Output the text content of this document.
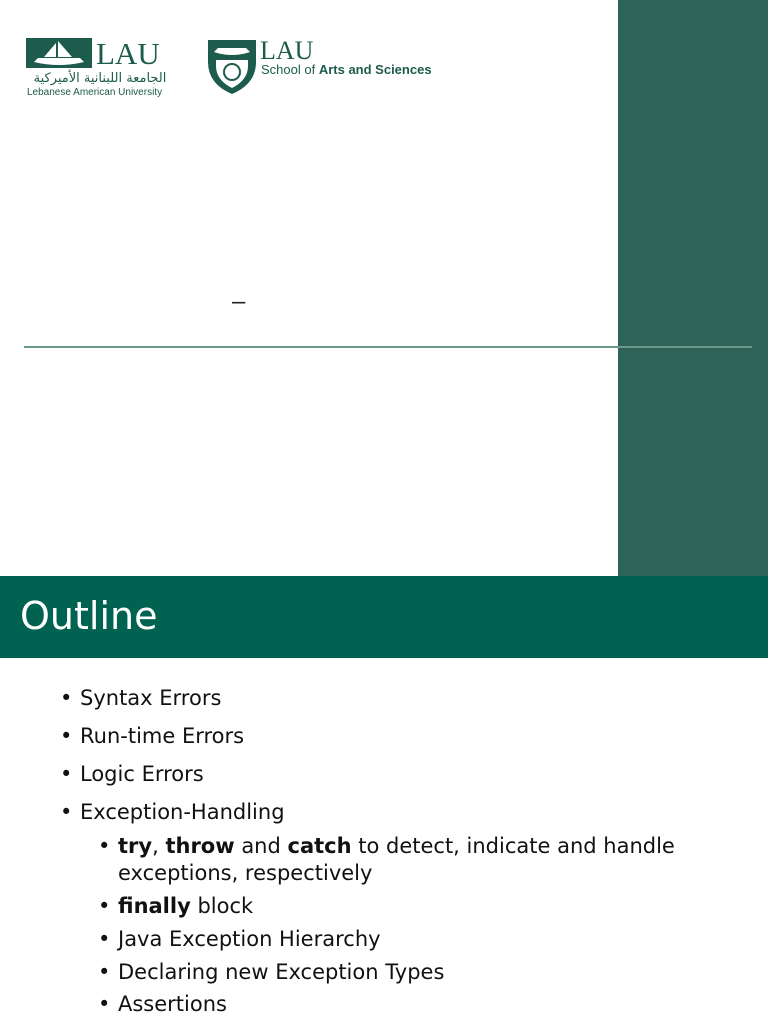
LAU
الجامعة اللبنانية الأميركية
Lebanese American University
LAU
School of Arts and Sciences
–
Outline
• Syntax Errors
• Run-time Errors
• Logic Errors
• Exception-Handling
• try, throw and catch to detect, indicate and handle
exceptions, respectively
• finally block
• Java Exception Hierarchy
• Declaring new Exception Types
• Assertions
